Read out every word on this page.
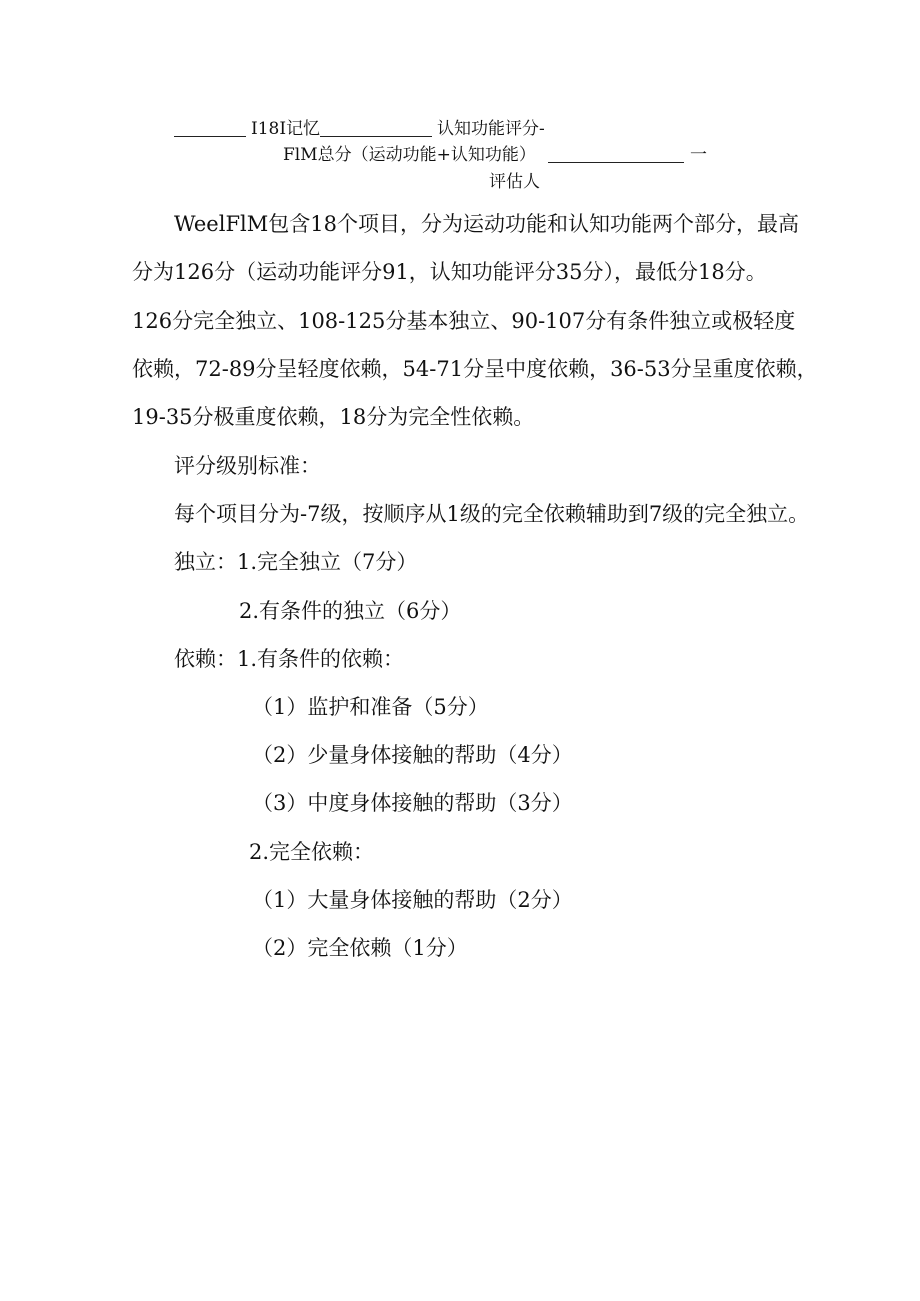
I18I记忆	认知功能评分-
FlM总分（运动功能+认知功能）	一
评估人
WeelFlM包含18个项目，分为运动功能和认知功能两个部分，最高
分为126分（运动功能评分91，认知功能评分35分），最低分18分。
126分完全独立、108-125分基本独立、90-107分有条件独立或极轻度
依赖，72-89分呈轻度依赖，54-71分呈中度依赖，36-53分呈重度依赖，
19-35分极重度依赖，18分为完全性依赖。
评分级别标准：
每个项目分为-7级，按顺序从1级的完全依赖辅助到7级的完全独立。
独立：1.完全独立（7分）
2.有条件的独立（6分）
依赖：1.有条件的依赖：
（1）监护和准备（5分）
（2）少量身体接触的帮助（4分）
（3）中度身体接触的帮助（3分）
2.完全依赖：
（1）大量身体接触的帮助（2分）
（2）完全依赖（1分）
